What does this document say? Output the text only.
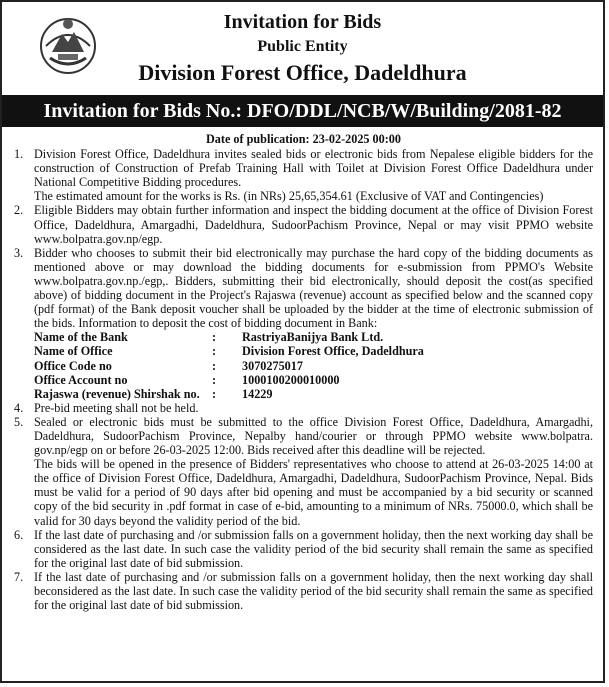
Invitation for Bids
Public Entity
Division Forest Office, Dadeldhura
Invitation for Bids No.: DFO/DDL/NCB/W/Building/2081-82
Date of publication: 23-02-2025 00:00
1. Division Forest Office, Dadeldhura invites sealed bids or electronic bids from Nepalese eligible bidders for the construction of Construction of Prefab Training Hall with Toilet at Division Forest Office Dadeldhura under National Competitive Bidding procedures.
The estimated amount for the works is Rs. (in NRs) 25,65,354.61 (Exclusive of VAT and Contingencies)
2. Eligible Bidders may obtain further information and inspect the bidding document at the office of Division Forest Office, Dadeldhura, Amargadhi, Dadeldhura, SudoorPachism Province, Nepal or may visit PPMO website www.bolpatra.gov.np/egp.
3. Bidder who chooses to submit their bid electronically may purchase the hard copy of the bidding documents as mentioned above or may download the bidding documents for e-submission from PPMO's Website www.bolpatra.gov.np./egp,. Bidders, submitting their bid electronically, should deposit the cost(as specified above) of bidding document in the Project's Rajaswa (revenue) account as specified below and the scanned copy (pdf format) of the Bank deposit voucher shall be uploaded by the bidder at the time of electronic submission of the bids. Information to deposit the cost of bidding document in Bank:
Name of the Bank	:	RastriyaBanijya Bank Ltd.
Name of Office	:	Division Forest Office, Dadeldhura
Office Code no	:	3070275017
Office Account no	:	1000100200010000
Rajaswa (revenue) Shirshak no.	:	14229
4. Pre-bid meeting shall not be held.
5. Sealed or electronic bids must be submitted to the office Division Forest Office, Dadeldhura, Amargadhi, Dadeldhura, SudoorPachism Province, Nepalby hand/courier or through PPMO website www.bolpatra. gov.np/egp on or before 26-03-2025 12:00. Bids received after this deadline will be rejected.
The bids will be opened in the presence of Bidders' representatives who choose to attend at 26-03-2025 14:00 at the office of Division Forest Office, Dadeldhura, Amargadhi, Dadeldhura, SudoorPachism Province, Nepal. Bids must be valid for a period of 90 days after bid opening and must be accompanied by a bid security or scanned copy of the bid security in .pdf format in case of e-bid, amounting to a minimum of NRs. 75000.0, which shall be valid for 30 days beyond the validity period of the bid.
6. If the last date of purchasing and /or submission falls on a government holiday, then the next working day shall be considered as the last date. In such case the validity period of the bid security shall remain the same as specified for the original last date of bid submission.
7. If the last date of purchasing and /or submission falls on a government holiday, then the next working day shall beconsidered as the last date. In such case the validity period of the bid security shall remain the same as specified for the original last date of bid submission.
